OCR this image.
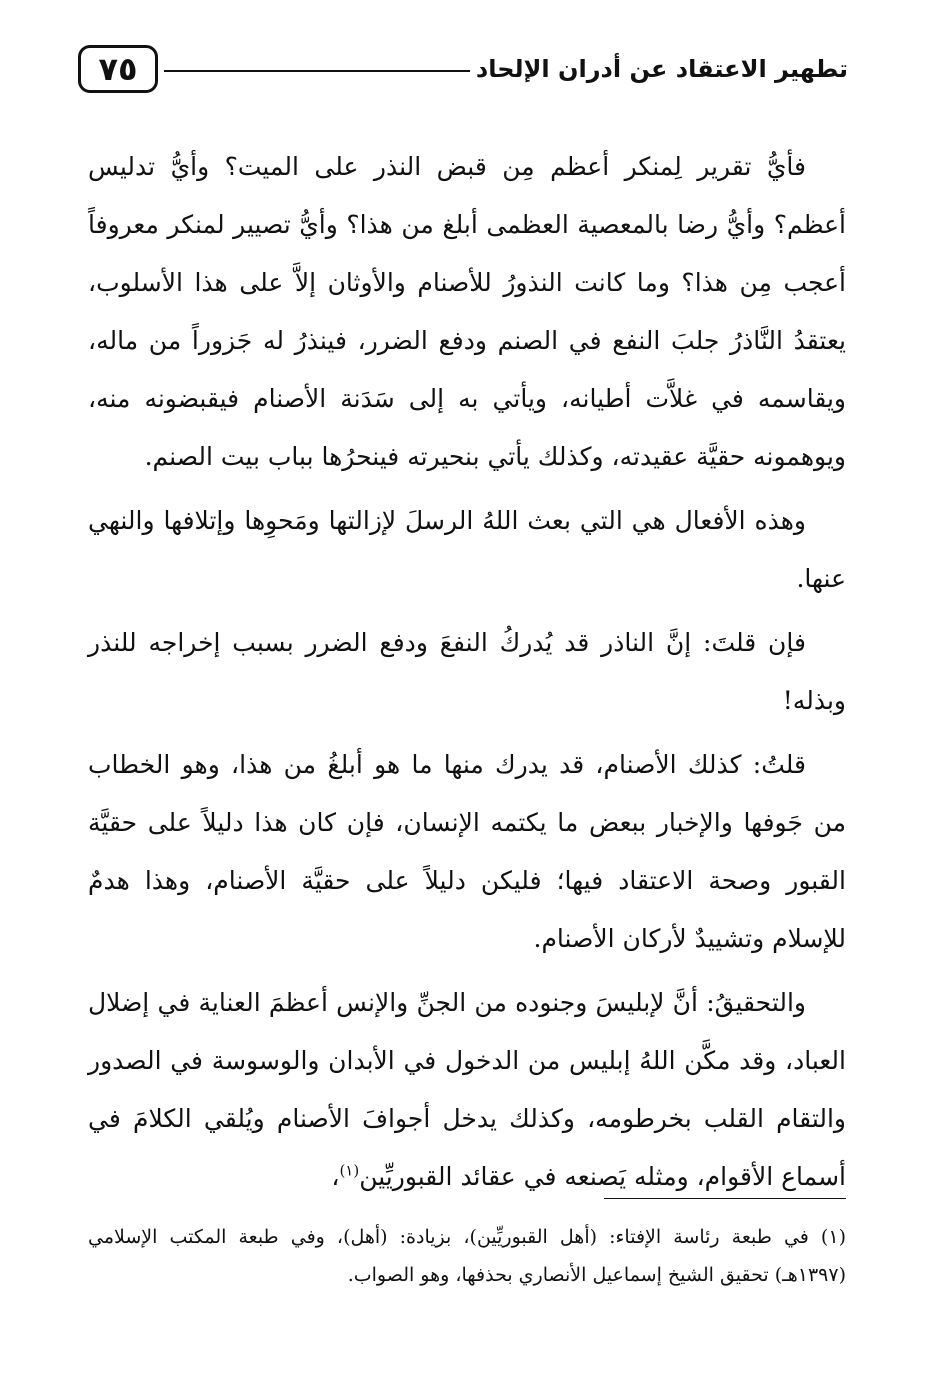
٧٥	تطهير الاعتقاد عن أدران الإلحاد

فأيُّ تقرير لِمنكر أعظم مِن قبض النذر على الميت؟ وأيُّ تدليس أعظم؟ وأيُّ رضا بالمعصية العظمى أبلغ من هذا؟ وأيُّ تصيير لمنكر معروفاً أعجب مِن هذا؟ وما كانت النذورُ للأصنام والأوثان إلاَّ على هذا الأسلوب، يعتقدُ النَّاذرُ جلبَ النفع في الصنم ودفع الضرر، فينذرُ له جَزوراً من ماله، ويقاسمه في غلاَّت أطيانه، ويأتي به إلى سَدَنة الأصنام فيقبضونه منه، ويوهمونه حقيَّة عقيدته، وكذلك يأتي بنحيرته فينحرُها بباب بيت الصنم.

وهذه الأفعال هي التي بعث اللهُ الرسلَ لإزالتها ومَحوِها وإتلافها والنهي عنها.

فإن قلتَ: إنَّ الناذر قد يُدركُ النفعَ ودفع الضرر بسبب إخراجه للنذر وبذله!

قلتُ: كذلك الأصنام، قد يدرك منها ما هو أبلغُ من هذا، وهو الخطاب من جَوفها والإخبار ببعض ما يكتمه الإنسان، فإن كان هذا دليلاً على حقيَّة القبور وصحة الاعتقاد فيها؛ فليكن دليلاً على حقيَّة الأصنام، وهذا هدمٌ للإسلام وتشييدٌ لأركان الأصنام.

والتحقيقُ: أنَّ لإبليسَ وجنوده من الجنِّ والإنس أعظمَ العناية في إضلال العباد، وقد مكَّن اللهُ إبليس من الدخول في الأبدان والوسوسة في الصدور والتقام القلب بخرطومه، وكذلك يدخل أجوافَ الأصنام ويُلقي الكلامَ في أسماع الأقوام، ومثله يَصنعه في عقائد القبوريِّين$^{(١)}$،

(١) في طبعة رئاسة الإفتاء: (أهل القبوريِّين)، بزيادة: (أهل)، وفي طبعة المكتب الإسلامي (١٣٩٧هـ) تحقيق الشيخ إسماعيل الأنصاري بحذفها، وهو الصواب.
